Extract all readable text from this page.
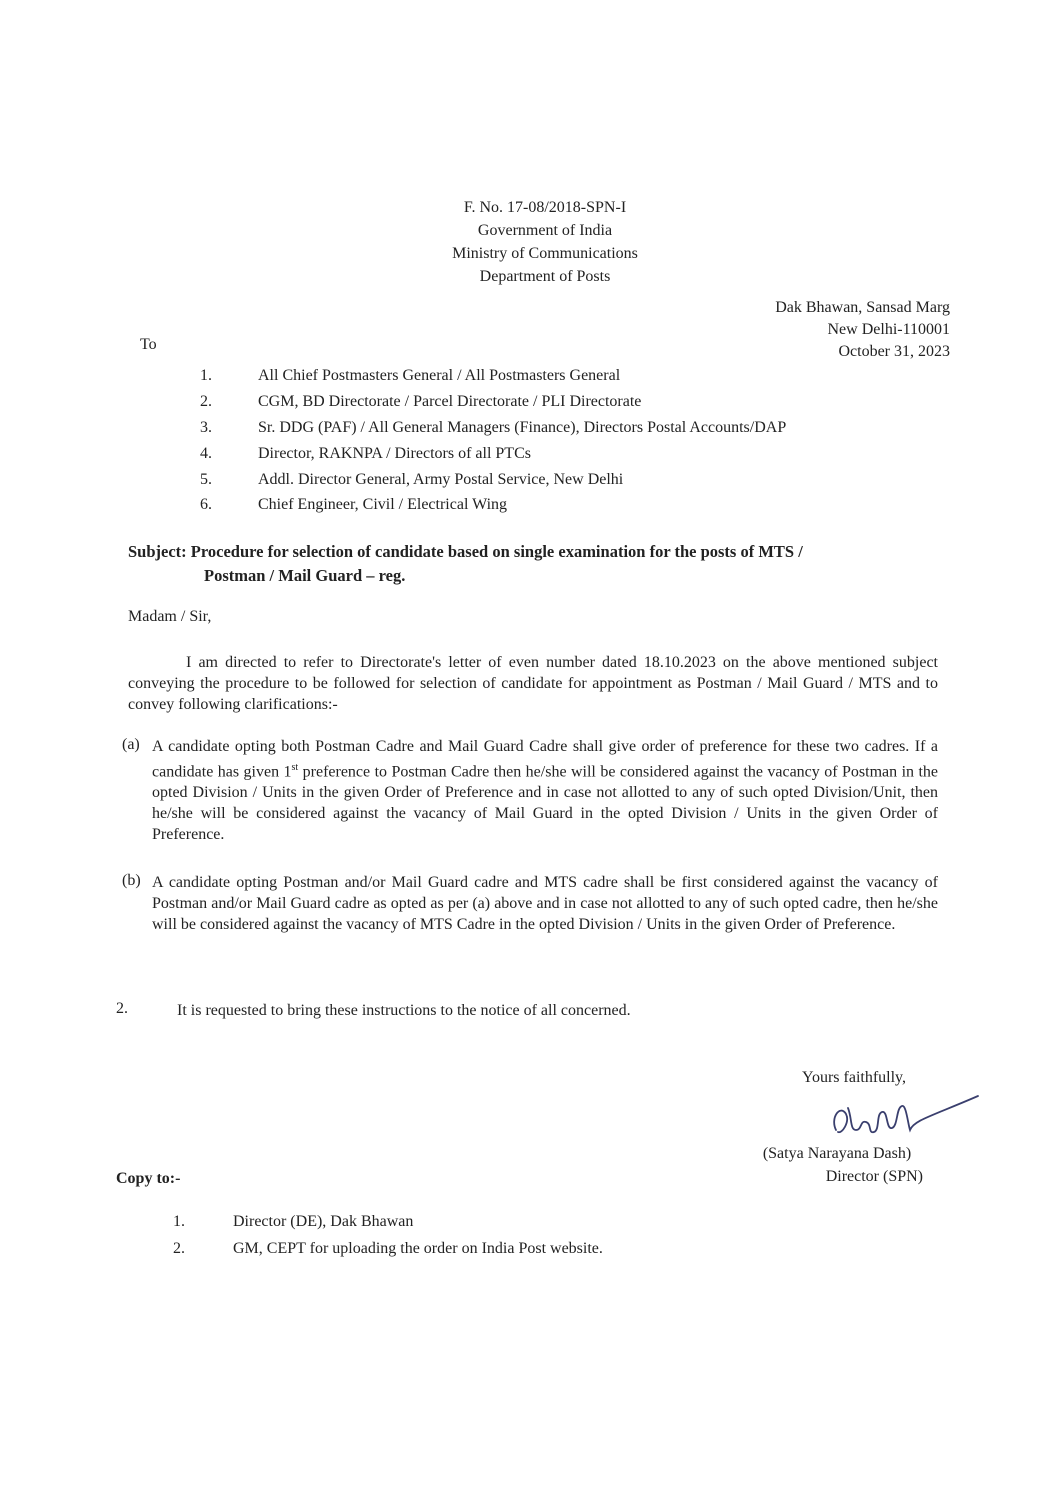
F. No. 17-08/2018-SPN-I
Government of India
Ministry of Communications
Department of Posts
Dak Bhawan, Sansad Marg
New Delhi-110001
October 31, 2023
To
1.	All Chief Postmasters General / All Postmasters General
2.	CGM, BD Directorate / Parcel Directorate / PLI Directorate
3.	Sr. DDG (PAF) / All General Managers (Finance), Directors Postal Accounts/DAP
4.	Director, RAKNPA / Directors of all PTCs
5.	Addl. Director General, Army Postal Service, New Delhi
6.	Chief Engineer, Civil / Electrical Wing
Subject: Procedure for selection of candidate based on single examination for the posts of MTS /
Postman / Mail Guard – reg.
Madam / Sir,
I am directed to refer to Directorate's letter of even number dated 18.10.2023 on the above mentioned subject conveying the procedure to be followed for selection of candidate for appointment as Postman / Mail Guard / MTS and to convey following clarifications:-
(a) A candidate opting both Postman Cadre and Mail Guard Cadre shall give order of preference for these two cadres. If a candidate has given 1st preference to Postman Cadre then he/she will be considered against the vacancy of Postman in the opted Division / Units in the given Order of Preference and in case not allotted to any of such opted Division/Unit, then he/she will be considered against the vacancy of Mail Guard in the opted Division / Units in the given Order of Preference.
(b) A candidate opting Postman and/or Mail Guard cadre and MTS cadre shall be first considered against the vacancy of Postman and/or Mail Guard cadre as opted as per (a) above and in case not allotted to any of such opted cadre, then he/she will be considered against the vacancy of MTS Cadre in the opted Division / Units in the given Order of Preference.
2.	It is requested to bring these instructions to the notice of all concerned.
Yours faithfully,
(Satya Narayana Dash)
Director (SPN)
Copy to:-
1.	Director (DE), Dak Bhawan
2.	GM, CEPT for uploading the order on India Post website.
